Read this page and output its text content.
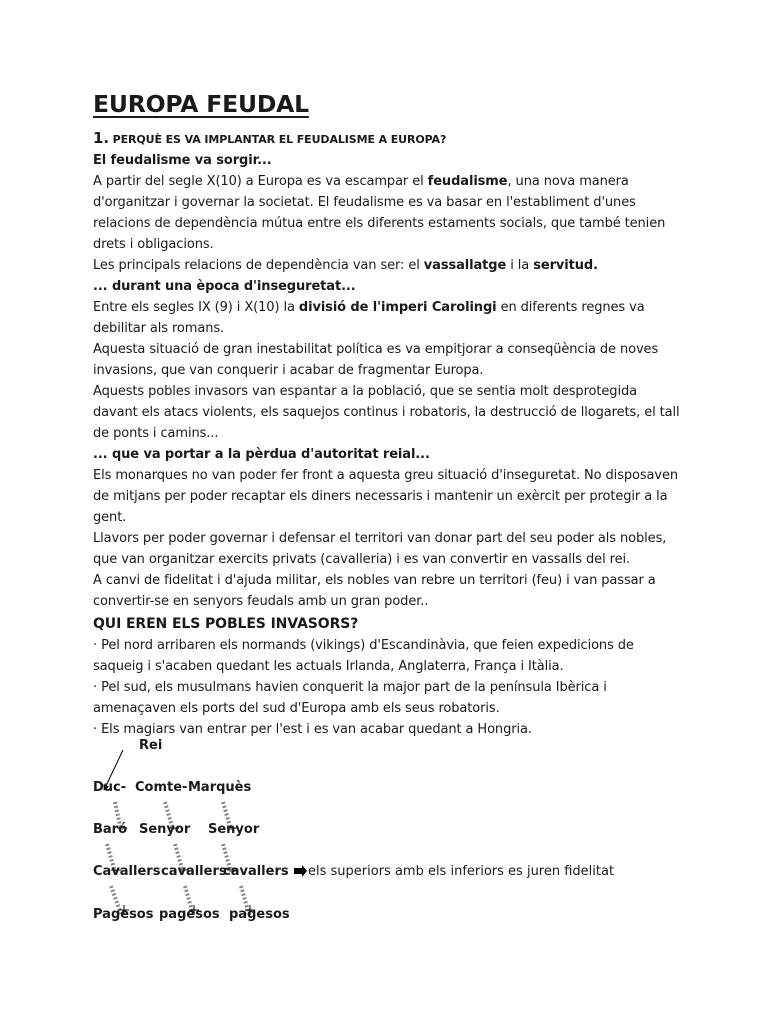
EUROPA FEUDAL

1. PERQUÈ ES VA IMPLANTAR EL FEUDALISME A EUROPA?

El feudalisme va sorgir...

A partir del segle X(10) a Europa es va escampar el feudalisme, una nova manera d'organitzar i governar la societat. El feudalisme es va basar en l'establiment d'unes relacions de dependència mútua entre els diferents estaments socials, que també tenien drets i obligacions.

Les principals relacions de dependència van ser: el vassallatge i la servitud.

... durant una època d'inseguretat...

Entre els segles IX (9) i X(10) la divisió de l'imperi Carolingi en diferents regnes va debilitar als romans.

Aquesta situació de gran inestabilitat política es va empitjorar a conseqüència de noves invasions, que van conquerir i acabar de fragmentar Europa.

Aquests pobles invasors van espantar a la població, que se sentia molt desprotegida davant els atacs violents, els saquejos continus i robatoris, la destrucció de llogarets, el tall de ponts i camins...

... que va portar a la pèrdua d'autoritat reial...

Els monarques no van poder fer front a aquesta greu situació d'inseguretat. No disposaven de mitjans per poder recaptar els diners necessaris i mantenir un exèrcit per protegir a la gent.

Llavors per poder governar i defensar el territori van donar part del seu poder als nobles, que van organitzar exercits privats (cavalleria) i es van convertir en vassalls del rei.

A canvi de fidelitat i d'ajuda militar, els nobles van rebre un territori (feu) i van passar a convertir-se en senyors feudals amb un gran poder..

QUI EREN ELS POBLES INVASORS?

· Pel nord arribaren els normands (vikings) d'Escandinàvia, que feien expedicions de saqueig i s'acaben quedant les actuals Irlanda, Anglaterra, França i Itàlia.

· Pel sud, els musulmans havien conquerit la major part de la península Ibèrica i amenaçaven els ports del sud d'Europa amb els seus robatoris.

· Els magiars van entrar per l'est i es van acabar quedant a Hongria.

Rei
Duc- Comte- Marquès
Baró Senyor Senyor
Cavallers cavallers
cavallers els superiors amb els inferiors es juren fidelitat
Pagesos pagesos pagesos
